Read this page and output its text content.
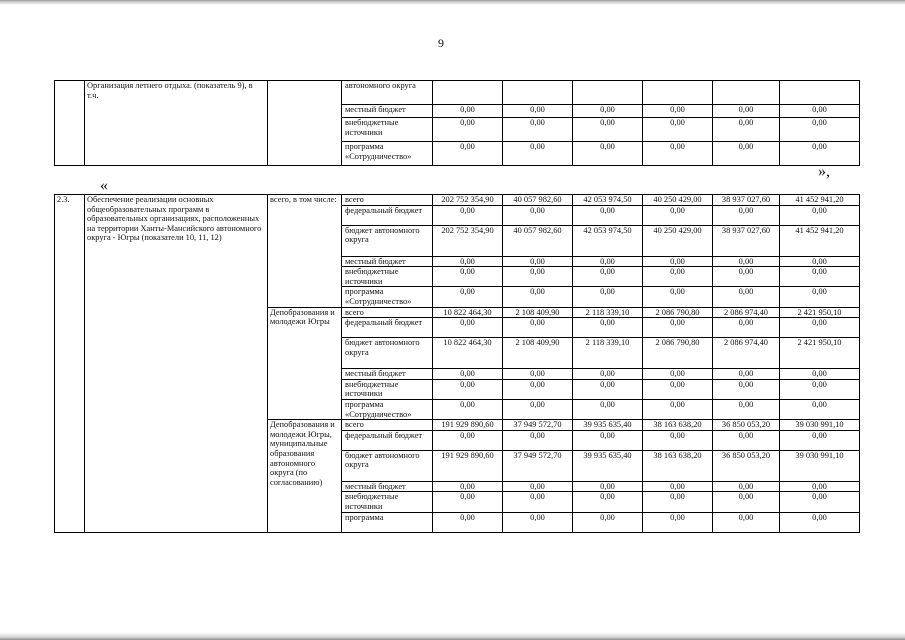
9
	Организация летнего отдыха. (показатель 9), в т.ч.		автономного округа						
			местный бюджет	0,00	0,00	0,00	0,00	0,00	0,00
			внебюджетные источники	0,00	0,00	0,00	0,00	0,00	0,00
			программа «Сотрудничество»	0,00	0,00	0,00	0,00	0,00	0,00
»,
«
2.3.	Обеспечение реализации основных общеобразовательных программ в образовательных организациях, расположенных на территории Ханты-Мансийского автономного округа - Югры (показатели 10, 11, 12)	всего, в том числе:	всего	202 752 354,90	40 057 982,60	42 053 974,50	40 250 429,00	38 937 027,60	41 452 941,20
			федеральный бюджет	0,00	0,00	0,00	0,00	0,00	0,00
			бюджет автономного округа	202 752 354,90	40 057 982,60	42 053 974,50	40 250 429,00	38 937 027,60	41 452 941,20
			местный бюджет	0,00	0,00	0,00	0,00	0,00	0,00
			внебюджетные источники	0,00	0,00	0,00	0,00	0,00	0,00
			программа «Сотрудничество»	0,00	0,00	0,00	0,00	0,00	0,00
		Депобразования и молодежи Югры	всего	10 822 464,30	2 108 409,90	2 118 339,10	2 086 790,80	2 086 974,40	2 421 950,10
			федеральный бюджет	0,00	0,00	0,00	0,00	0,00	0,00
			бюджет автономного округа	10 822 464,30	2 108 409,90	2 118 339,10	2 086 790,80	2 086 974,40	2 421 950,10
			местный бюджет	0,00	0,00	0,00	0,00	0,00	0,00
			внебюджетные источники	0,00	0,00	0,00	0,00	0,00	0,00
			программа «Сотрудничество»	0,00	0,00	0,00	0,00	0,00	0,00
		Депобразования и молодежи Югры, муниципальные образования автономного округа (по согласованию)	всего	191 929 890,60	37 949 572,70	39 935 635,40	38 163 638,20	36 850 053,20	39 030 991,10
			федеральный бюджет	0,00	0,00	0,00	0,00	0,00	0,00
			бюджет автономного округа	191 929 890,60	37 949 572,70	39 935 635,40	38 163 638,20	36 850 053,20	39 030 991,10
			местный бюджет	0,00	0,00	0,00	0,00	0,00	0,00
			внебюджетные источники	0,00	0,00	0,00	0,00	0,00	0,00
			программа	0,00	0,00	0,00	0,00	0,00	0,00
